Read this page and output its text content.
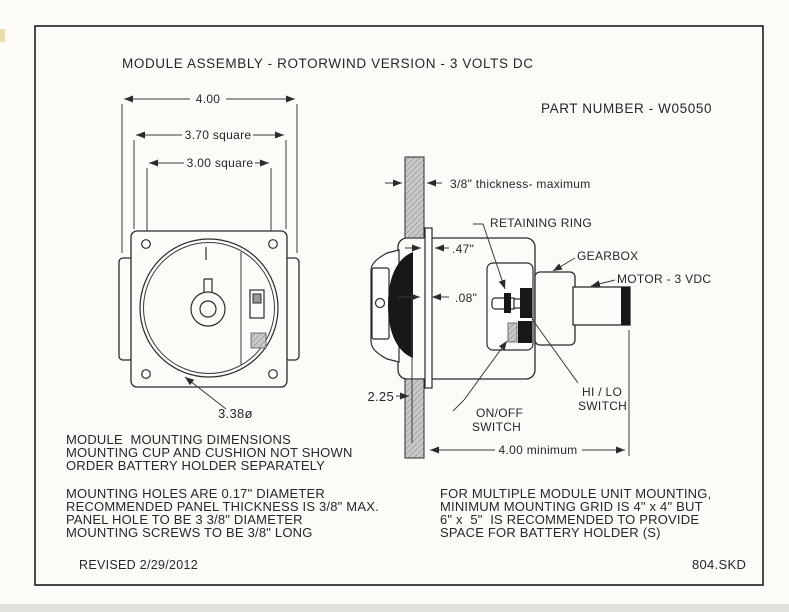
MODULE ASSEMBLY - ROTORWIND VERSION - 3 VOLTS DC
PART NUMBER - W05050
4.00
3.70 square
3.00 square
3.38ø
3/8" thickness- maximum
.47"
.08"
2.25
RETAINING RING
GEARBOX
MOTOR - 3 VDC
HI / LO
SWITCH
ON/OFF
SWITCH
4.00 minimum
MODULE  MOUNTING DIMENSIONS
MOUNTING CUP AND CUSHION NOT SHOWN
ORDER BATTERY HOLDER SEPARATELY
MOUNTING HOLES ARE 0.17" DIAMETER
RECOMMENDED PANEL THICKNESS IS 3/8" MAX.
PANEL HOLE TO BE 3 3/8" DIAMETER
MOUNTING SCREWS TO BE 3/8" LONG
FOR MULTIPLE MODULE UNIT MOUNTING,
MINIMUM MOUNTING GRID IS 4" x 4" BUT
6" x  5"  IS RECOMMENDED TO PROVIDE
SPACE FOR BATTERY HOLDER (S)
REVISED 2/29/2012	804.SKD
